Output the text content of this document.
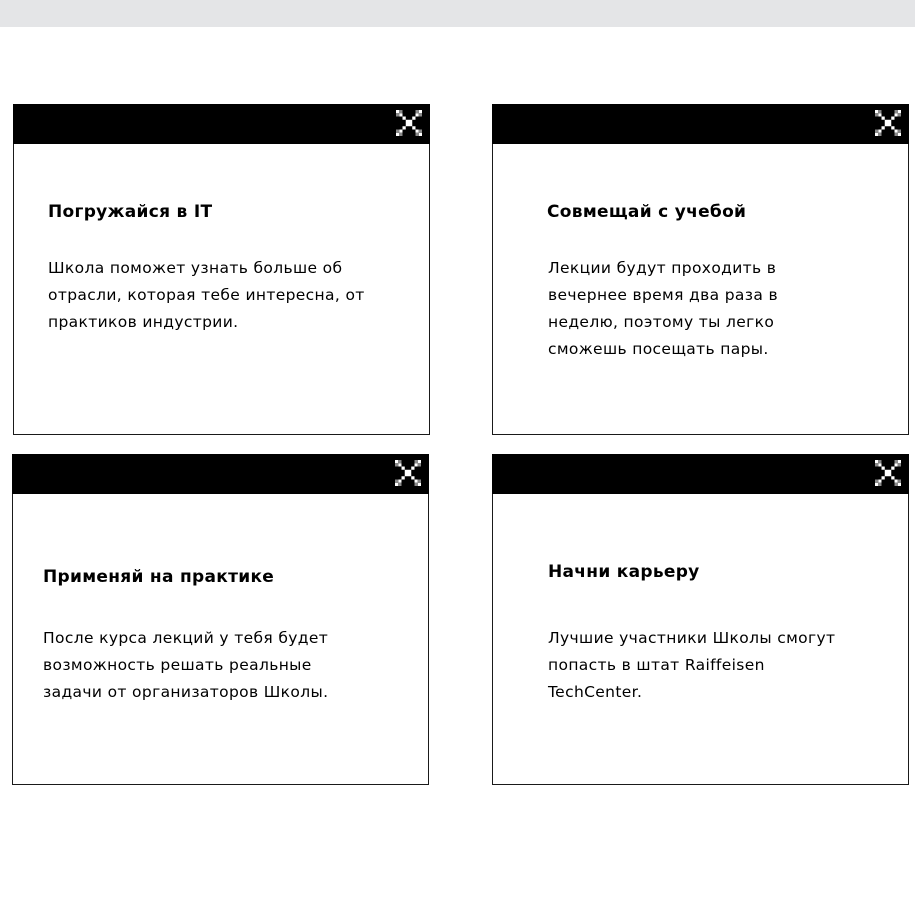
Погружайся в IT
Школа поможет узнать больше об
отрасли, которая тебе интересна, от
практиков индустрии.
Совмещай с учебой
Лекции будут проходить в
вечернее время два раза в
неделю, поэтому ты легко
сможешь посещать пары.
Применяй на практике
После курса лекций у тебя будет
возможность решать реальные
задачи от организаторов Школы.
Начни карьеру
Лучшие участники Школы смогут
попасть в штат Raiffeisen
TechCenter.
